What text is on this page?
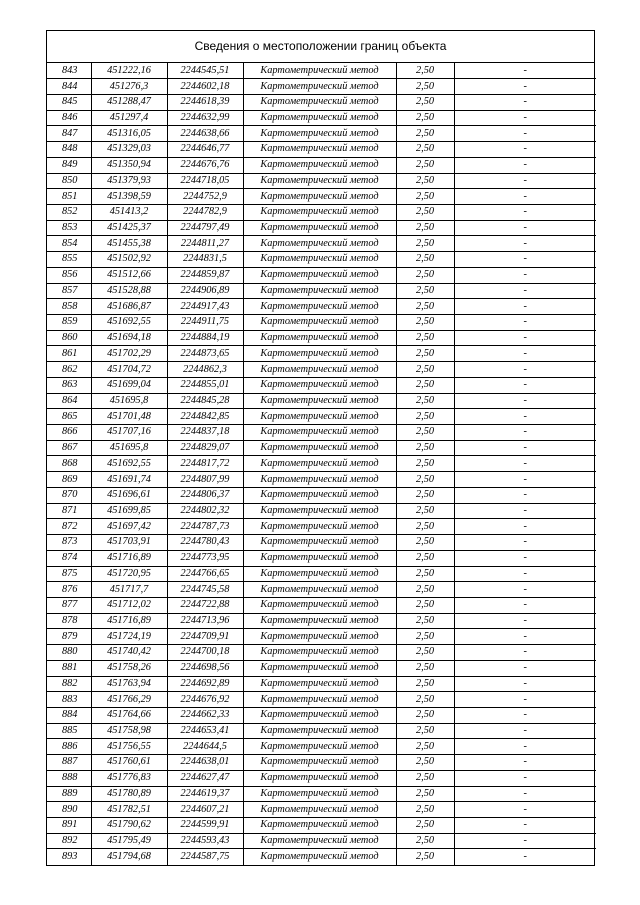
Сведения о местоположении границ объекта
843	451222,16	2244545,51	Картометрический метод	2,50	-
844	451276,3	2244602,18	Картометрический метод	2,50	-
845	451288,47	2244618,39	Картометрический метод	2,50	-
846	451297,4	2244632,99	Картометрический метод	2,50	-
847	451316,05	2244638,66	Картометрический метод	2,50	-
848	451329,03	2244646,77	Картометрический метод	2,50	-
849	451350,94	2244676,76	Картометрический метод	2,50	-
850	451379,93	2244718,05	Картометрический метод	2,50	-
851	451398,59	2244752,9	Картометрический метод	2,50	-
852	451413,2	2244782,9	Картометрический метод	2,50	-
853	451425,37	2244797,49	Картометрический метод	2,50	-
854	451455,38	2244811,27	Картометрический метод	2,50	-
855	451502,92	2244831,5	Картометрический метод	2,50	-
856	451512,66	2244859,87	Картометрический метод	2,50	-
857	451528,88	2244906,89	Картометрический метод	2,50	-
858	451686,87	2244917,43	Картометрический метод	2,50	-
859	451692,55	2244911,75	Картометрический метод	2,50	-
860	451694,18	2244884,19	Картометрический метод	2,50	-
861	451702,29	2244873,65	Картометрический метод	2,50	-
862	451704,72	2244862,3	Картометрический метод	2,50	-
863	451699,04	2244855,01	Картометрический метод	2,50	-
864	451695,8	2244845,28	Картометрический метод	2,50	-
865	451701,48	2244842,85	Картометрический метод	2,50	-
866	451707,16	2244837,18	Картометрический метод	2,50	-
867	451695,8	2244829,07	Картометрический метод	2,50	-
868	451692,55	2244817,72	Картометрический метод	2,50	-
869	451691,74	2244807,99	Картометрический метод	2,50	-
870	451696,61	2244806,37	Картометрический метод	2,50	-
871	451699,85	2244802,32	Картометрический метод	2,50	-
872	451697,42	2244787,73	Картометрический метод	2,50	-
873	451703,91	2244780,43	Картометрический метод	2,50	-
874	451716,89	2244773,95	Картометрический метод	2,50	-
875	451720,95	2244766,65	Картометрический метод	2,50	-
876	451717,7	2244745,58	Картометрический метод	2,50	-
877	451712,02	2244722,88	Картометрический метод	2,50	-
878	451716,89	2244713,96	Картометрический метод	2,50	-
879	451724,19	2244709,91	Картометрический метод	2,50	-
880	451740,42	2244700,18	Картометрический метод	2,50	-
881	451758,26	2244698,56	Картометрический метод	2,50	-
882	451763,94	2244692,89	Картометрический метод	2,50	-
883	451766,29	2244676,92	Картометрический метод	2,50	-
884	451764,66	2244662,33	Картометрический метод	2,50	-
885	451758,98	2244653,41	Картометрический метод	2,50	-
886	451756,55	2244644,5	Картометрический метод	2,50	-
887	451760,61	2244638,01	Картометрический метод	2,50	-
888	451776,83	2244627,47	Картометрический метод	2,50	-
889	451780,89	2244619,37	Картометрический метод	2,50	-
890	451782,51	2244607,21	Картометрический метод	2,50	-
891	451790,62	2244599,91	Картометрический метод	2,50	-
892	451795,49	2244593,43	Картометрический метод	2,50	-
893	451794,68	2244587,75	Картометрический метод	2,50	-
